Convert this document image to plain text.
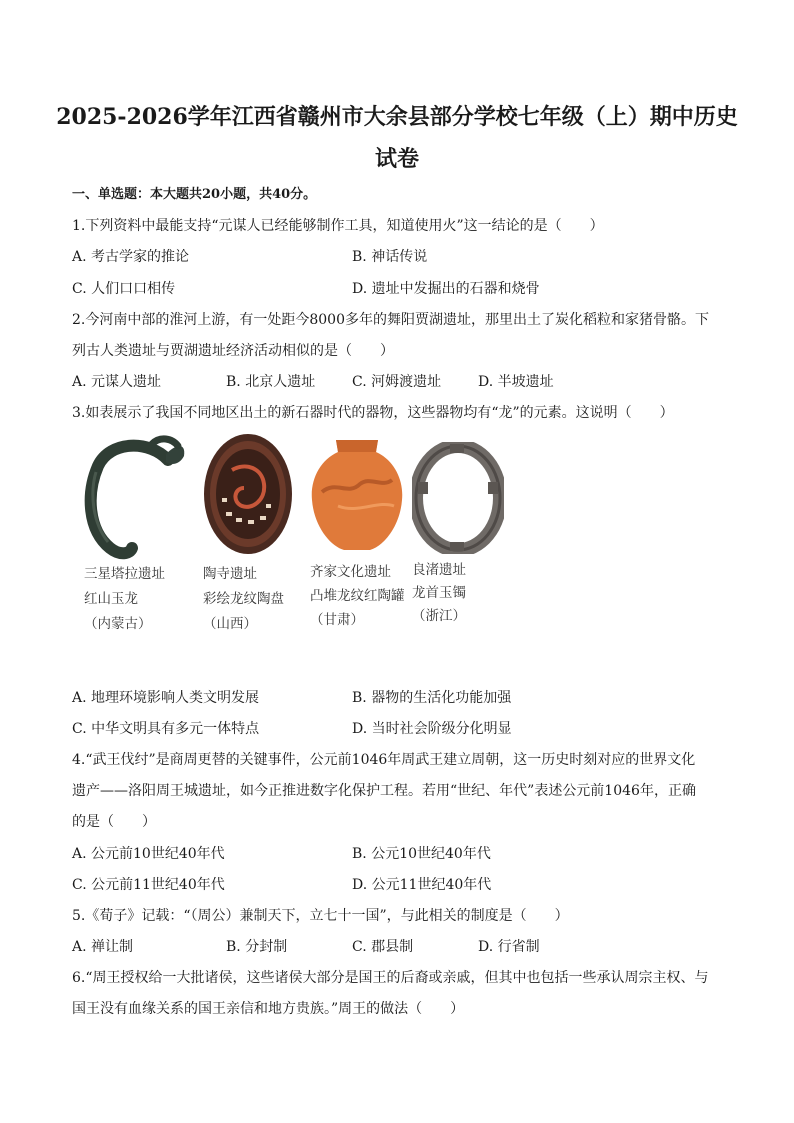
2025-2026学年江西省赣州市大余县部分学校七年级（上）期中历史
试卷
一、单选题：本大题共20小题，共40分。
1.下列资料中最能支持“元谋人已经能够制作工具，知道使用火”这一结论的是（　　）
A. 考古学家的推论	B. 神话传说
C. 人们口口相传	D. 遗址中发掘出的石器和烧骨
2.今河南中部的淮河上游，有一处距今8000多年的舞阳贾湖遗址，那里出土了炭化稻粒和家猪骨骼。下
列古人类遗址与贾湖遗址经济活动相似的是（　　）
A. 元谋人遗址	B. 北京人遗址	C. 河姆渡遗址	D. 半坡遗址
3.如表展示了我国不同地区出土的新石器时代的器物，这些器物均有“龙”的元素。这说明（　　）
三星塔拉遗址
红山玉龙
（内蒙古）
陶寺遗址
彩绘龙纹陶盘
（山西）
齐家文化遗址
凸堆龙纹红陶罐
（甘肃）
良渚遗址
龙首玉镯
（浙江）
A. 地理环境影响人类文明发展	B. 器物的生活化功能加强
C. 中华文明具有多元一体特点	D. 当时社会阶级分化明显
4.“武王伐纣”是商周更替的关键事件，公元前1046年周武王建立周朝，这一历史时刻对应的世界文化
遗产——洛阳周王城遗址，如今正推进数字化保护工程。若用“世纪、年代”表述公元前1046年，正确
的是（　　）
A. 公元前10世纪40年代	B. 公元10世纪40年代
C. 公元前11世纪40年代	D. 公元11世纪40年代
5.《荀子》记载：“（周公）兼制天下，立七十一国”，与此相关的制度是（　　）
A. 禅让制	B. 分封制	C. 郡县制	D. 行省制
6.“周王授权给一大批诸侯，这些诸侯大部分是国王的后裔或亲戚，但其中也包括一些承认周宗主权、与
国王没有血缘关系的国王亲信和地方贵族。”周王的做法（　　）
